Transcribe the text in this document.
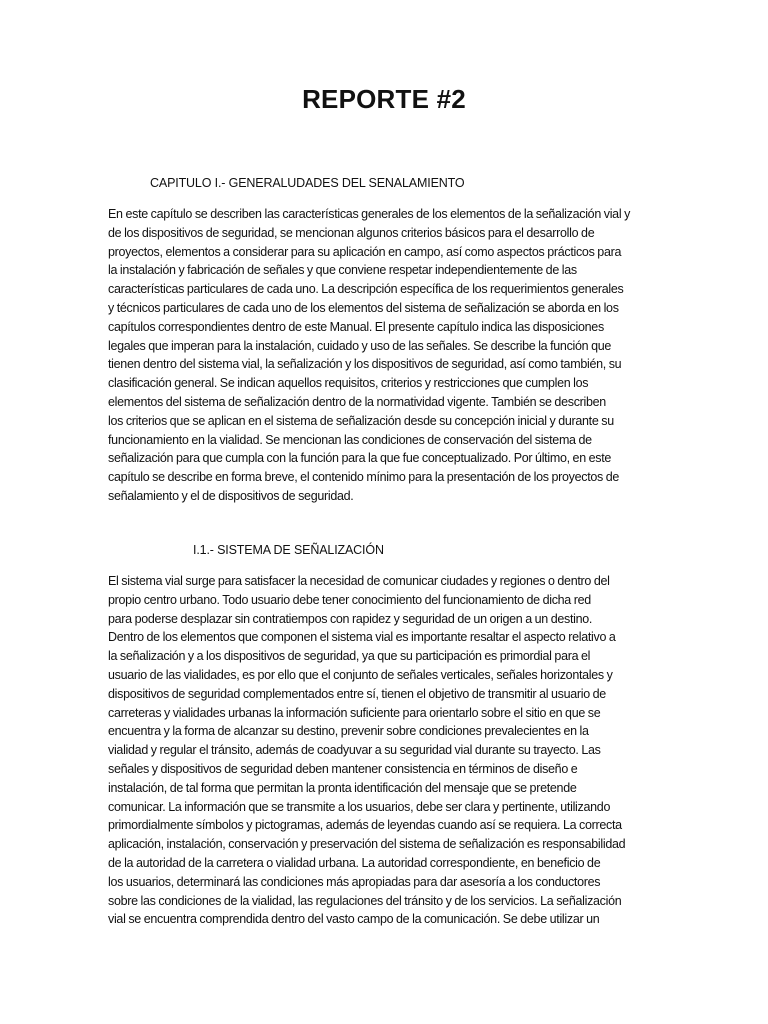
REPORTE #2

CAPITULO I.- GENERALUDADES DEL SENALAMIENTO

En este capítulo se describen las características generales de los elementos de la señalización vial y
de los dispositivos de seguridad, se mencionan algunos criterios básicos para el desarrollo de
proyectos, elementos a considerar para su aplicación en campo, así como aspectos prácticos para
la instalación y fabricación de señales y que conviene respetar independientemente de las
características particulares de cada uno. La descripción específica de los requerimientos generales
y técnicos particulares de cada uno de los elementos del sistema de señalización se aborda en los
capítulos correspondientes dentro de este Manual. El presente capítulo indica las disposiciones
legales que imperan para la instalación, cuidado y uso de las señales. Se describe la función que
tienen dentro del sistema vial, la señalización y los dispositivos de seguridad, así como también, su
clasificación general. Se indican aquellos requisitos, criterios y restricciones que cumplen los
elementos del sistema de señalización dentro de la normatividad vigente. También se describen
los criterios que se aplican en el sistema de señalización desde su concepción inicial y durante su
funcionamiento en la vialidad. Se mencionan las condiciones de conservación del sistema de
señalización para que cumpla con la función para la que fue conceptualizado. Por último, en este
capítulo se describe en forma breve, el contenido mínimo para la presentación de los proyectos de
señalamiento y el de dispositivos de seguridad.

I.1.- SISTEMA DE SEÑALIZACIÓN

El sistema vial surge para satisfacer la necesidad de comunicar ciudades y regiones o dentro del
propio centro urbano. Todo usuario debe tener conocimiento del funcionamiento de dicha red
para poderse desplazar sin contratiempos con rapidez y seguridad de un origen a un destino.
Dentro de los elementos que componen el sistema vial es importante resaltar el aspecto relativo a
la señalización y a los dispositivos de seguridad, ya que su participación es primordial para el
usuario de las vialidades, es por ello que el conjunto de señales verticales, señales horizontales y
dispositivos de seguridad complementados entre sí, tienen el objetivo de transmitir al usuario de
carreteras y vialidades urbanas la información suficiente para orientarlo sobre el sitio en que se
encuentra y la forma de alcanzar su destino, prevenir sobre condiciones prevalecientes en la
vialidad y regular el tránsito, además de coadyuvar a su seguridad vial durante su trayecto. Las
señales y dispositivos de seguridad deben mantener consistencia en términos de diseño e
instalación, de tal forma que permitan la pronta identificación del mensaje que se pretende
comunicar. La información que se transmite a los usuarios, debe ser clara y pertinente, utilizando
primordialmente símbolos y pictogramas, además de leyendas cuando así se requiera. La correcta
aplicación, instalación, conservación y preservación del sistema de señalización es responsabilidad
de la autoridad de la carretera o vialidad urbana. La autoridad correspondiente, en beneficio de
los usuarios, determinará las condiciones más apropiadas para dar asesoría a los conductores
sobre las condiciones de la vialidad, las regulaciones del tránsito y de los servicios. La señalización
vial se encuentra comprendida dentro del vasto campo de la comunicación. Se debe utilizar un
